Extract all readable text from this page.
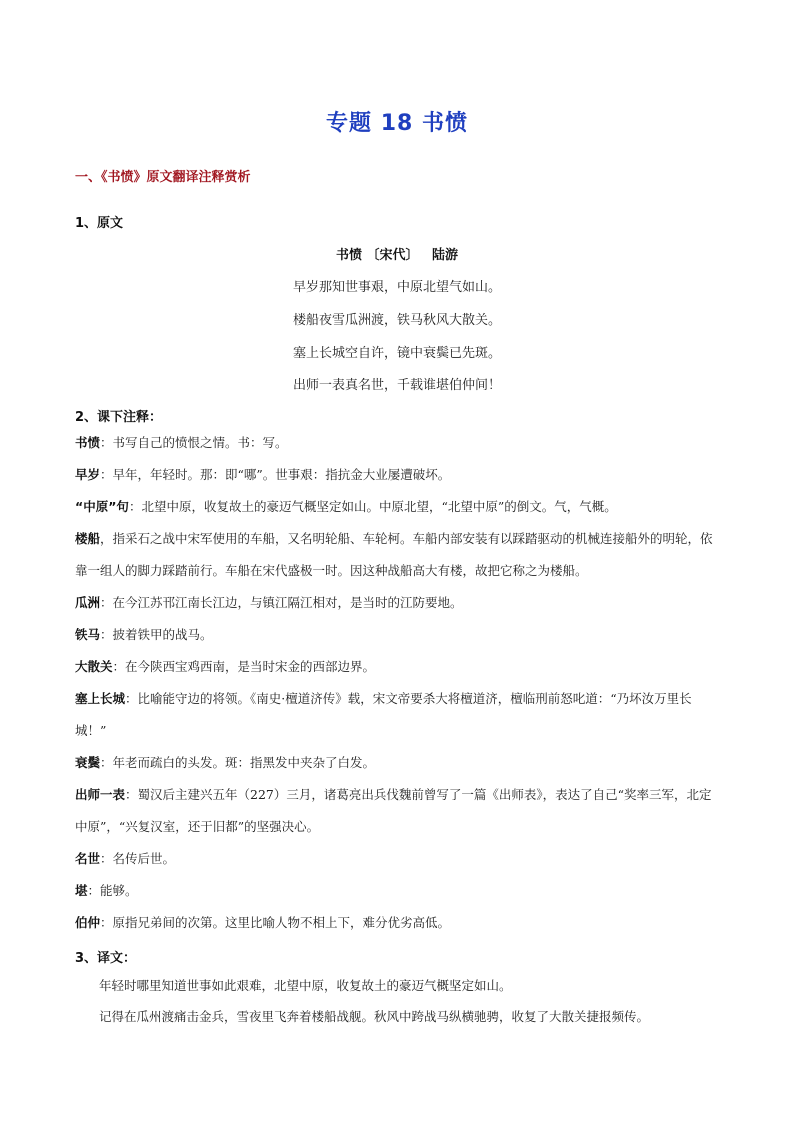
专题 18 书愤
一、《书愤》原文翻译注释赏析
1、原文
书愤 〔宋代〕   陆游
早岁那知世事艰，中原北望气如山。
楼船夜雪瓜洲渡，铁马秋风大散关。
塞上长城空自许，镜中衰鬓已先斑。
出师一表真名世，千载谁堪伯仲间！
2、课下注释：
书愤：书写自己的愤恨之情。书：写。
早岁：早年，年轻时。那：即“哪”。世事艰：指抗金大业屡遭破坏。
“中原”句：北望中原，收复故土的豪迈气概坚定如山。中原北望，“北望中原”的倒文。气，气概。
楼船，指采石之战中宋军使用的车船，又名明轮船、车轮柯。车船内部安装有以踩踏驱动的机械连接船外的明轮，依靠一组人的脚力踩踏前行。车船在宋代盛极一时。因这种战船高大有楼，故把它称之为楼船。
瓜洲：在今江苏邗江南长江边，与镇江隔江相对，是当时的江防要地。
铁马：披着铁甲的战马。
大散关：在今陕西宝鸡西南，是当时宋金的西部边界。
塞上长城：比喻能守边的将领。《南史·檀道济传》载，宋文帝要杀大将檀道济，檀临刑前怒叱道：“乃坏汝万里长城！”
衰鬓：年老而疏白的头发。斑：指黑发中夹杂了白发。
出师一表：蜀汉后主建兴五年（227）三月，诸葛亮出兵伐魏前曾写了一篇《出师表》，表达了自己“奖率三军，北定中原”，“兴复汉室，还于旧都”的坚强决心。
名世：名传后世。
堪：能够。
伯仲：原指兄弟间的次第。这里比喻人物不相上下，难分优劣高低。
3、译文：
年轻时哪里知道世事如此艰难，北望中原，收复故土的豪迈气概坚定如山。
记得在瓜州渡痛击金兵，雪夜里飞奔着楼船战舰。秋风中跨战马纵横驰骋，收复了大散关捷报频传。
